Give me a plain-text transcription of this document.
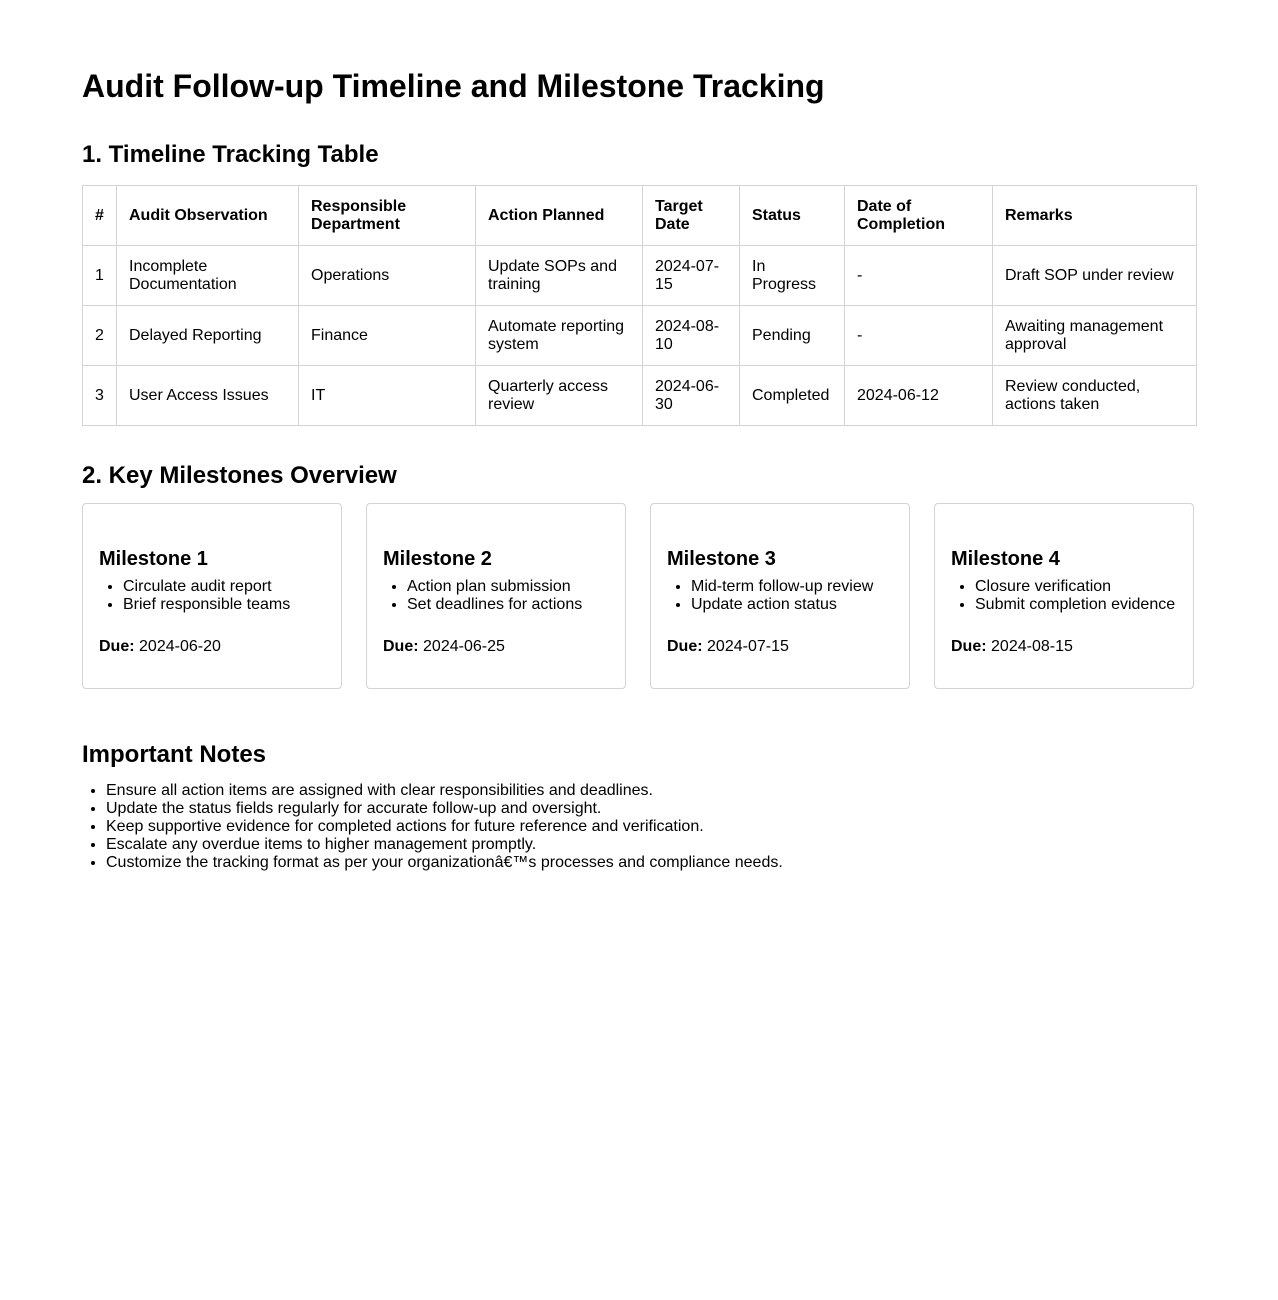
Audit Follow-up Timeline and Milestone Tracking
1. Timeline Tracking Table
#	Audit Observation	Responsible Department	Action Planned	Target Date	Status	Date of Completion	Remarks
1	Incomplete Documentation	Operations	Update SOPs and training	2024-07-15	In Progress	-	Draft SOP under review
2	Delayed Reporting	Finance	Automate reporting system	2024-08-10	Pending	-	Awaiting management approval
3	User Access Issues	IT	Quarterly access review	2024-06-30	Completed	2024-06-12	Review conducted, actions taken
2. Key Milestones Overview
Milestone 1
• Circulate audit report
• Brief responsible teams
Due: 2024-06-20
Milestone 2
• Action plan submission
• Set deadlines for actions
Due: 2024-06-25
Milestone 3
• Mid-term follow-up review
• Update action status
Due: 2024-07-15
Milestone 4
• Closure verification
• Submit completion evidence
Due: 2024-08-15
Important Notes
• Ensure all action items are assigned with clear responsibilities and deadlines.
• Update the status fields regularly for accurate follow-up and oversight.
• Keep supportive evidence for completed actions for future reference and verification.
• Escalate any overdue items to higher management promptly.
• Customize the tracking format as per your organizationâ€™s processes and compliance needs.
